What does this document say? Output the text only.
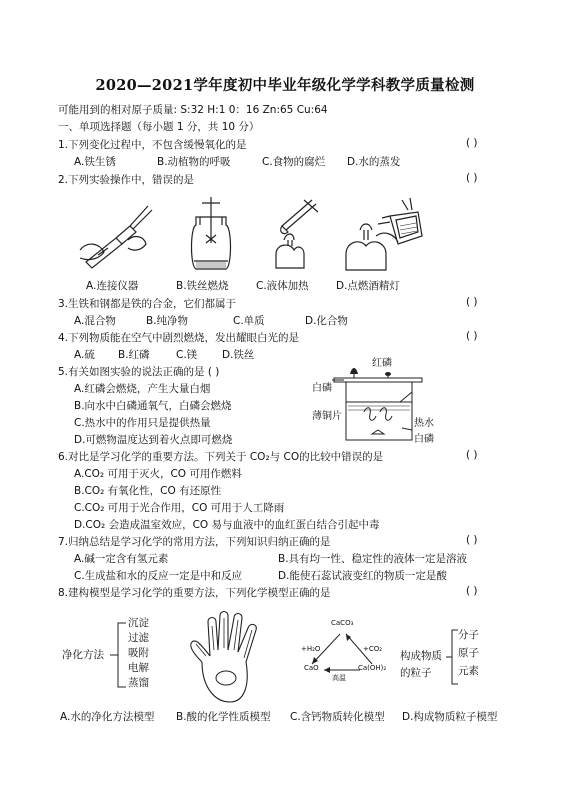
2020—2021学年度初中毕业年级化学学科教学质量检测
可能用到的相对原子质量: S:32 H:1 0：16 Zn:65 Cu:64
一、单项选择题（每小题 1 分，共 10 分）
1.下列变化过程中，不包含缓慢氧化的是	( )
A.铁生锈	B.动植物的呼吸	C.食物的腐烂 D.水的蒸发
2.下列实验操作中，错误的是	( )
A.连接仪器	B.铁丝燃烧	C.液体加热	D.点燃酒精灯
3.生铁和钢都是铁的合金，它们都属于	( )
A.混合物	B.纯净物	C.单质	D.化合物
4.下列物质能在空气中剧烈燃烧，发出耀眼白光的是	( )
A.硫 B.红磷	C.镁 D.铁丝
5.有关如图实验的说法正确的是 ( )
A.红磷会燃烧，产生大量白烟
B.向水中白磷通氧气，白磷会燃烧
C.热水中的作用只是提供热量
D.可燃物温度达到着火点即可燃烧
红磷
白磷
薄铜片
热水
白磷
6.对比是学习化学的重要方法。下列关于 CO₂与 CO的比较中错误的是	( )
A.CO₂ 可用于灭火，CO 可用作燃料
B.CO₂ 有氧化性，CO 有还原性
C.CO₂ 可用于光合作用，CO 可用于人工降雨
D.CO₂ 会造成温室效应，CO 易与血液中的血红蛋白结合引起中毒
7.归纳总结是学习化学的常用方法，下列知识归纳正确的是	( )
A.碱一定含有氢元素	B.具有均一性、稳定性的液体一定是溶液
C.生成盐和水的反应一定是中和反应	D.能使石蕊试液变红的物质一定是酸
8.建构模型是学习化学的重要方法，下列化学模型正确的是	( )
净化方法
沉淀
过滤
吸附
电解
蒸馏
CaCO₃
CaO	Ca(OH)₂
+H₂O	+CO₂
高温
构成物质
的粒子
分子
原子
元素
A.水的净化方法模型 B.酸的化学性质模型 C.含钙物质转化模型 D.构成物质粒子模型
